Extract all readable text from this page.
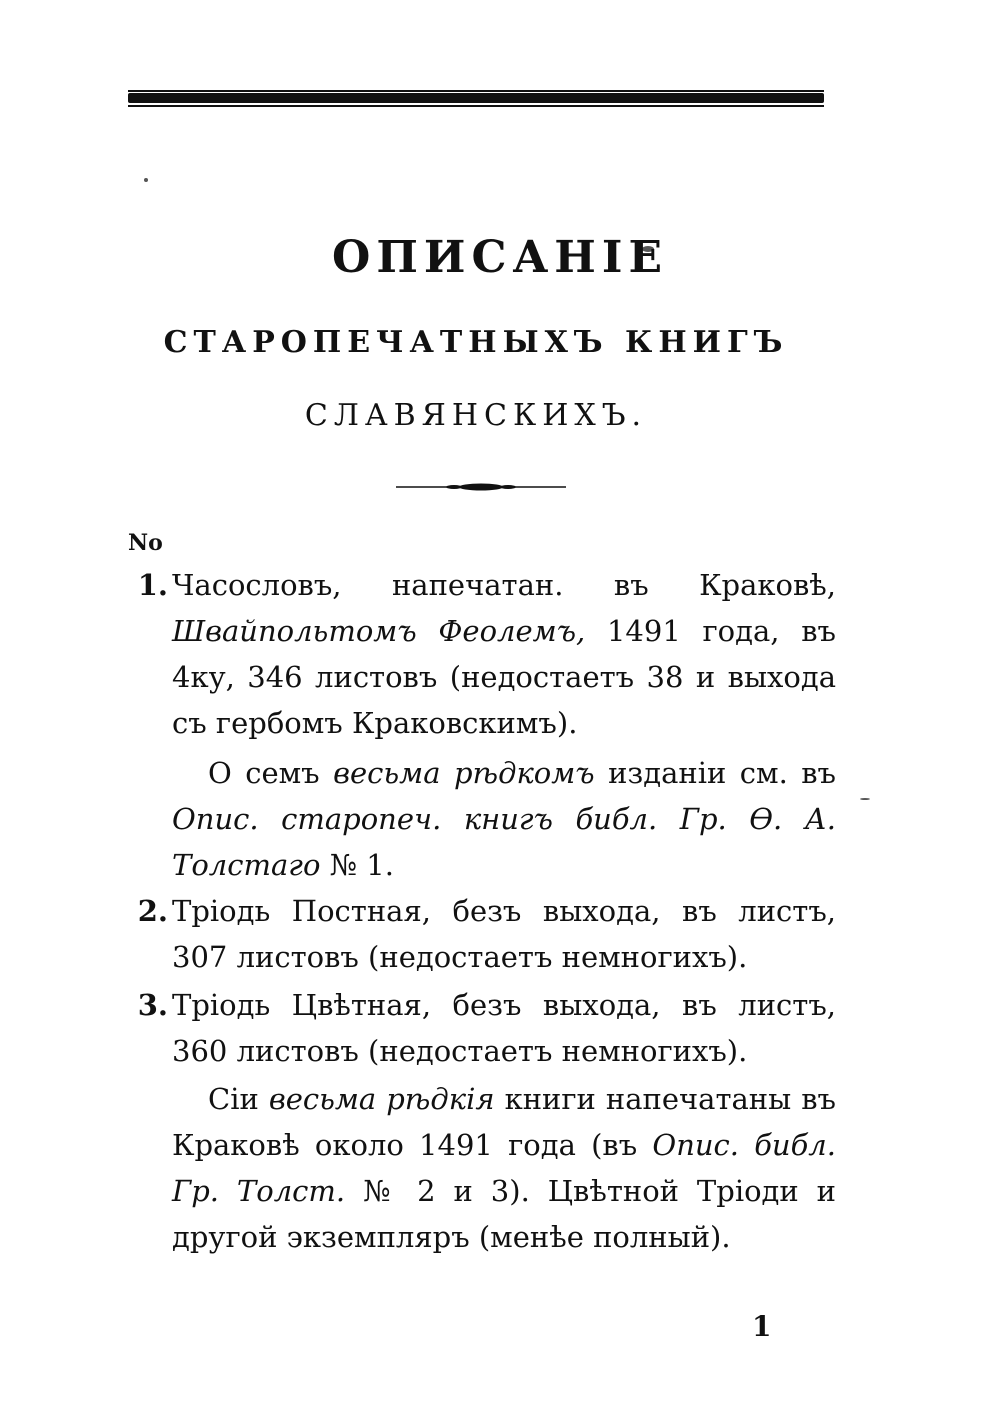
ОПИСАНІЕ
СТАРОПЕЧАТНЫХЪ КНИГЪ
СЛАВЯНСКИХЪ.
No
1. Часословъ, напечатан. въ Краковѣ, Швайпольтомъ Феолемъ, 1491 года, въ 4ку, 346 листовъ (недостаетъ 38 и выхода съ гербомъ Краковскимъ).
О семъ весьма рѣдкомъ изданіи см. въ Опис. старопеч. книгъ библ. Гр. Ѳ. А. Толстаго № 1.
2. Тріодь Постная, безъ выхода, въ листъ, 307 листовъ (недостаетъ немногихъ).
3. Тріодь Цвѣтная, безъ выхода, въ листъ, 360 листовъ (недостаетъ немногихъ).
Сіи весьма рѣдкія книги напечатаны въ Краковѣ около 1491 года (въ Опис. библ. Гр. Толст. № 2 и 3). Цвѣтной Тріоди и другой экземпляръ (менѣе полный).
1
